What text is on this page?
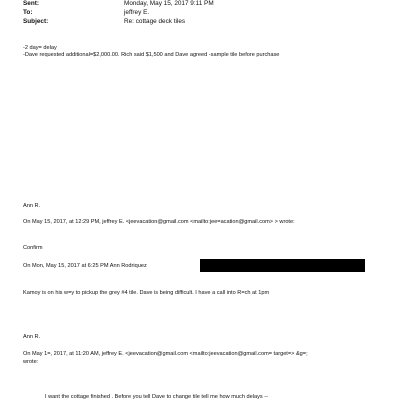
Sent:	Monday, May 15, 2017 9:11 PM
To:	jeffrey E.
Subject:	Re: cottage deck tiles
-2 day= delay
-Dave requested additional=$2,000.00. Rich said $1,500 and Dave agreed -sample tile before purchase
Ann R.
On May 15, 2017, at 12:29 PM, jeffrey E. <jeevacation@gmail.com <mailto:jee=acation@gmail.com> > wrote:
Confirm
On Mon, May 15, 2017 at 6:25 PM Ann Rodriquez
Kamoy is on his w=y to pickup the grey #4 tile. Dave is being difficult. I have a call into R=ch at 1pm
Ann R.
On May 1=, 2017, at 11:20 AM, jeffrey E. <jeevacation@gmail.com <mailto:jeevacation@gmail.com= target=> &g=;
wrote:
I want the cottage finished . Before you tell Dave to change tile tell me how much delays --
